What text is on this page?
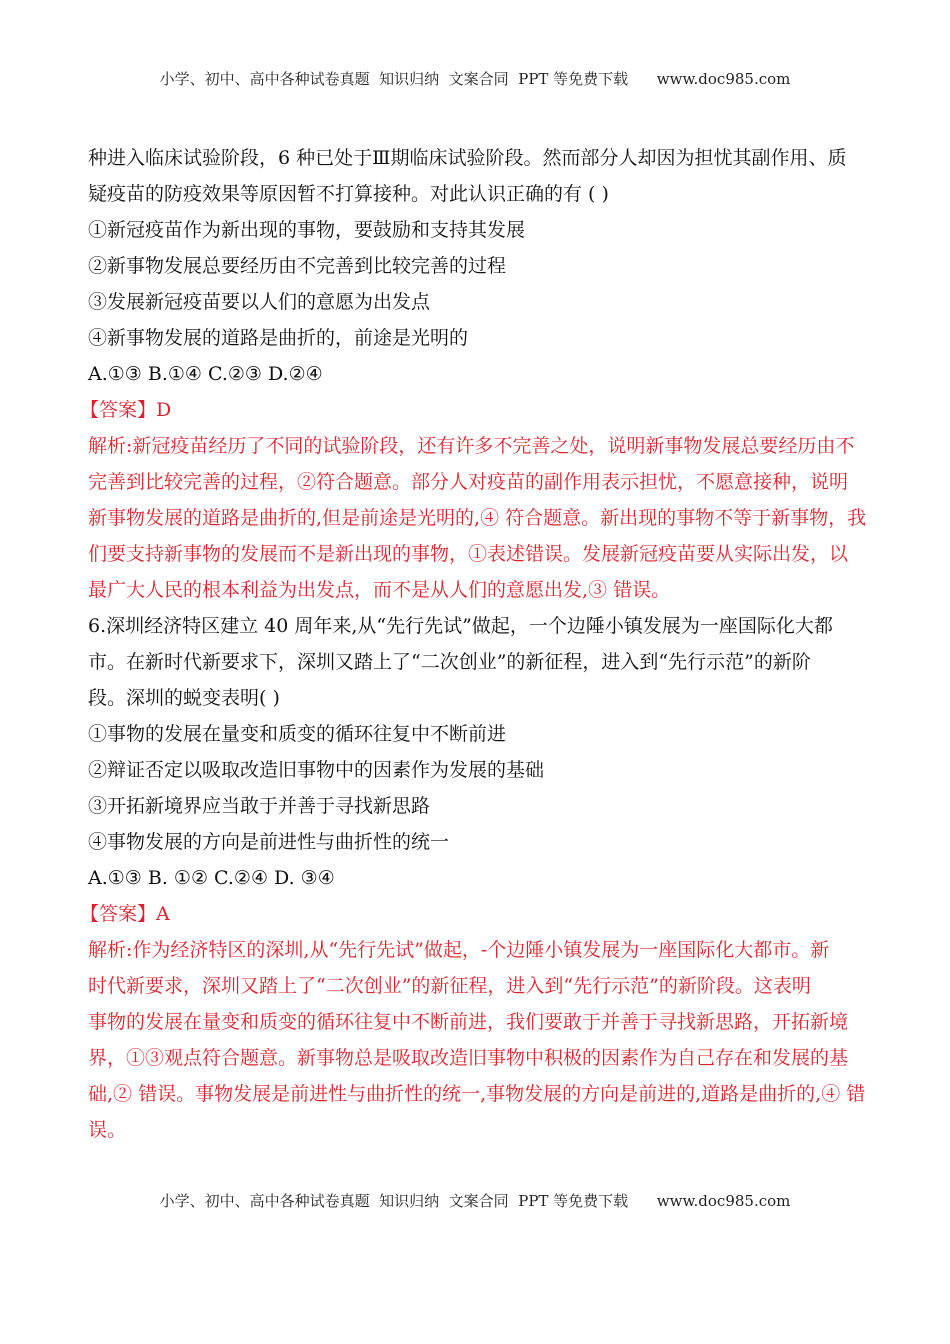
小学、初中、高中各种试卷真题  知识归纳  文案合同  PPT 等免费下载      www.doc985.com
种进入临床试验阶段，6 种已处于Ⅲ期临床试验阶段。然而部分人却因为担忧其副作用、质
疑疫苗的防疫效果等原因暂不打算接种。对此认识正确的有 ( )
①新冠疫苗作为新出现的事物，要鼓励和支持其发展
②新事物发展总要经历由不完善到比较完善的过程
③发展新冠疫苗要以人们的意愿为出发点
④新事物发展的道路是曲折的，前途是光明的
A.①③ B.①④ C.②③ D.②④
【答案】D
解析:新冠疫苗经历了不同的试验阶段，还有许多不完善之处，说明新事物发展总要经历由不
完善到比较完善的过程，②符合题意。部分人对疫苗的副作用表示担忧，不愿意接种，说明
新事物发展的道路是曲折的,但是前途是光明的,④ 符合题意。新出现的事物不等于新事物，我
们要支持新事物的发展而不是新出现的事物，①表述错误。发展新冠疫苗要从实际出发，以
最广大人民的根本利益为出发点，而不是从人们的意愿出发,③ 错误。
6.深圳经济特区建立 40 周年来,从“先行先试”做起，一个边陲小镇发展为一座国际化大都
市。在新时代新要求下，深圳又踏上了“二次创业”的新征程，进入到“先行示范”的新阶
段。深圳的蜕变表明( )
①事物的发展在量变和质变的循环往复中不断前进
②辩证否定以吸取改造旧事物中的因素作为发展的基础
③开拓新境界应当敢于并善于寻找新思路
④事物发展的方向是前进性与曲折性的统一
A.①③ B. ①② C.②④ D. ③④
【答案】A
解析:作为经济特区的深圳,从“先行先试”做起，-个边陲小镇发展为一座国际化大都市。新
时代新要求，深圳又踏上了“二次创业”的新征程，进入到“先行示范”的新阶段。这表明
事物的发展在量变和质变的循环往复中不断前进，我们要敢于并善于寻找新思路，开拓新境
界，①③观点符合题意。新事物总是吸取改造旧事物中积极的因素作为自己存在和发展的基
础,② 错误。事物发展是前进性与曲折性的统一,事物发展的方向是前进的,道路是曲折的,④ 错
误。
小学、初中、高中各种试卷真题  知识归纳  文案合同  PPT 等免费下载      www.doc985.com
